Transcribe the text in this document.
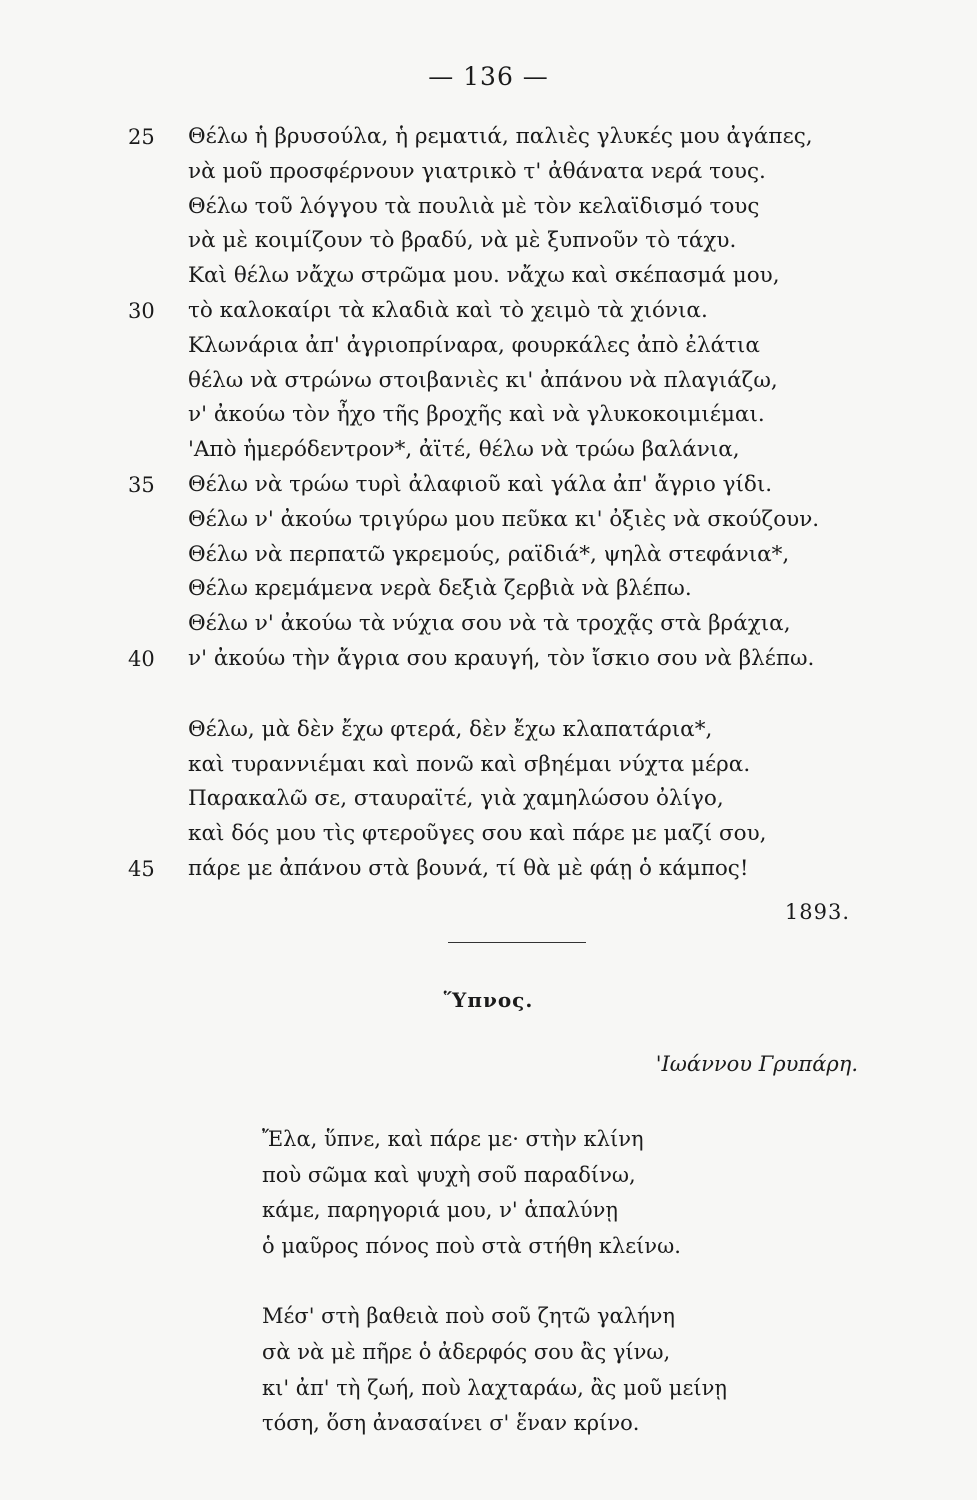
— 136 —
25	Θέλω ἡ βρυσούλα, ἡ ρεματιά, παλιὲς γλυκές μου ἀγάπες,
νὰ μοῦ προσφέρνουν γιατρικὸ τ' ἀθάνατα νερά τους.
Θέλω τοῦ λόγγου τὰ πουλιὰ μὲ τὸν κελαϊδισμό τους
νὰ μὲ κοιμίζουν τὸ βραδύ, νὰ μὲ ξυπνοῦν τὸ τάχυ.
Καὶ θέλω νἄχω στρῶμα μου. νἄχω καὶ σκέπασμά μου,
30	τὸ καλοκαίρι τὰ κλαδιὰ καὶ τὸ χειμὸ τὰ χιόνια.
Κλωνάρια ἀπ' ἀγριοπρίναρα, φουρκάλες ἀπὸ ἐλάτια
θέλω νὰ στρώνω στοιβανιὲς κι' ἀπάνου νὰ πλαγιάζω,
ν' ἀκούω τὸν ἦχο τῆς βροχῆς καὶ νὰ γλυκοκοιμιέμαι.
'Απὸ ἡμερόδεντρον*, ἀϊτέ, θέλω νὰ τρώω βαλάνια,
35	Θέλω νὰ τρώω τυρὶ ἀλαφιοῦ καὶ γάλα ἀπ' ἄγριο γίδι.
Θέλω ν' ἀκούω τριγύρω μου πεῦκα κι' ὀξιὲς νὰ σκούζουν.
Θέλω νὰ περπατῶ γκρεμούς, ραϊδιά*, ψηλὰ στεφάνια*,
Θέλω κρεμάμενα νερὰ δεξιὰ ζερβιὰ νὰ βλέπω.
Θέλω ν' ἀκούω τὰ νύχια σου νὰ τὰ τροχᾷς στὰ βράχια,
40	ν' ἀκούω τὴν ἄγρια σου κραυγή, τὸν ἴσκιο σου νὰ βλέπω.
Θέλω, μὰ δὲν ἔχω φτερά, δὲν ἔχω κλαπατάρια*,
καὶ τυραννιέμαι καὶ πονῶ καὶ σβηέμαι νύχτα μέρα.
Παρακαλῶ σε, σταυραϊτέ, γιὰ χαμηλώσου ὀλίγο,
καὶ δός μου τὶς φτεροῦγες σου καὶ πάρε με μαζί σου,
45	πάρε με ἀπάνου στὰ βουνά, τί θὰ μὲ φάῃ ὁ κάμπος!
1893.
Ὕπνος.
'Ιωάννου Γρυπάρη.
Ἔλα, ὕπνε, καὶ πάρε με· στὴν κλίνη
ποὺ σῶμα καὶ ψυχὴ σοῦ παραδίνω,
κάμε, παρηγοριά μου, ν' ἁπαλύνῃ
ὁ μαῦρος πόνος ποὺ στὰ στήθη κλείνω.
Μέσ' στὴ βαθειὰ ποὺ σοῦ ζητῶ γαλήνη
σὰ νὰ μὲ πῆρε ὁ ἀδερφός σου ἂς γίνω,
κι' ἀπ' τὴ ζωή, ποὺ λαχταράω, ἂς μοῦ μείνῃ
τόση, ὅση ἀνασαίνει σ' ἕναν κρίνο.
